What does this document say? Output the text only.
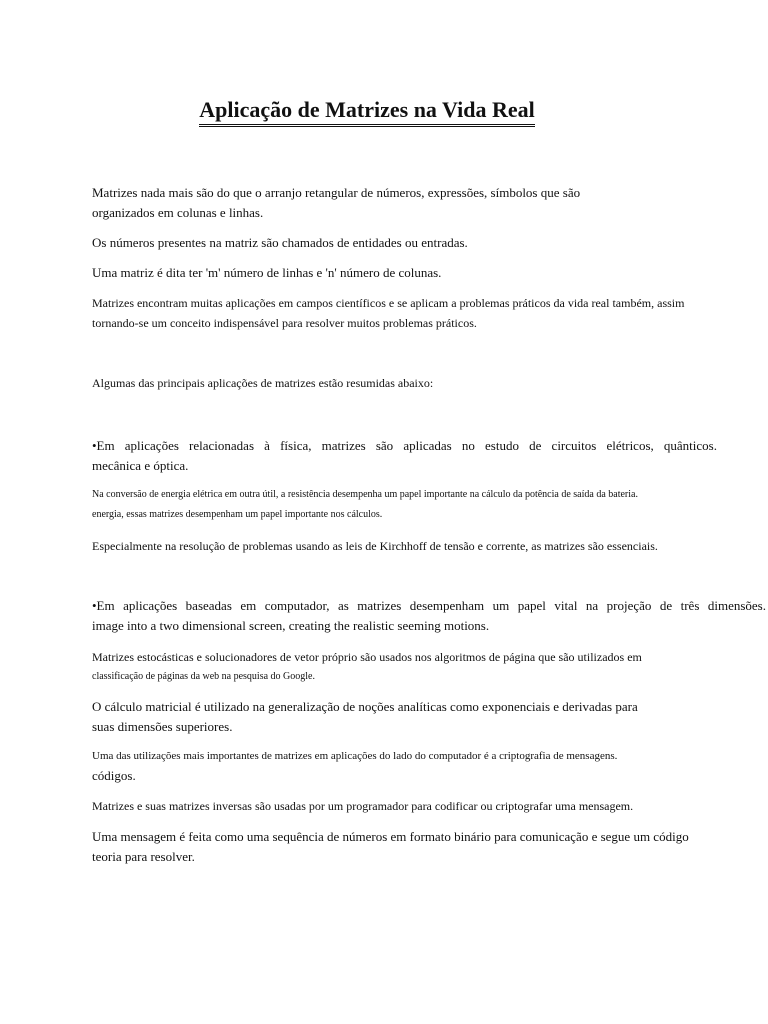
Aplicação de Matrizes na Vida Real

Matrizes nada mais são do que o arranjo retangular de números, expressões, símbolos que são
organizados em colunas e linhas.

Os números presentes na matriz são chamados de entidades ou entradas.

Uma matriz é dita ter 'm' número de linhas e 'n' número de colunas.

Matrizes encontram muitas aplicações em campos científicos e se aplicam a problemas práticos da vida real também, assim
tornando-se um conceito indispensável para resolver muitos problemas práticos.

Algumas das principais aplicações de matrizes estão resumidas abaixo:

•Em aplicações relacionadas à física, matrizes são aplicadas no estudo de circuitos elétricos, quânticos.
mecânica e óptica.

Na conversão de energia elétrica em outra útil, a resistência desempenha um papel importante na cálculo da potência de saída da bateria.
energia, essas matrizes desempenham um papel importante nos cálculos.

Especialmente na resolução de problemas usando as leis de Kirchhoff de tensão e corrente, as matrizes são essenciais.

•Em aplicações baseadas em computador, as matrizes desempenham um papel vital na projeção de três dimensões.
image into a two dimensional screen, creating the realistic seeming motions.

Matrizes estocásticas e solucionadores de vetor próprio são usados nos algoritmos de página que são utilizados em
classificação de páginas da web na pesquisa do Google.

O cálculo matricial é utilizado na generalização de noções analíticas como exponenciais e derivadas para
suas dimensões superiores.

Uma das utilizações mais importantes de matrizes em aplicações do lado do computador é a criptografia de mensagens.
códigos.

Matrizes e suas matrizes inversas são usadas por um programador para codificar ou criptografar uma mensagem.

Uma mensagem é feita como uma sequência de números em formato binário para comunicação e segue um código
teoria para resolver.
